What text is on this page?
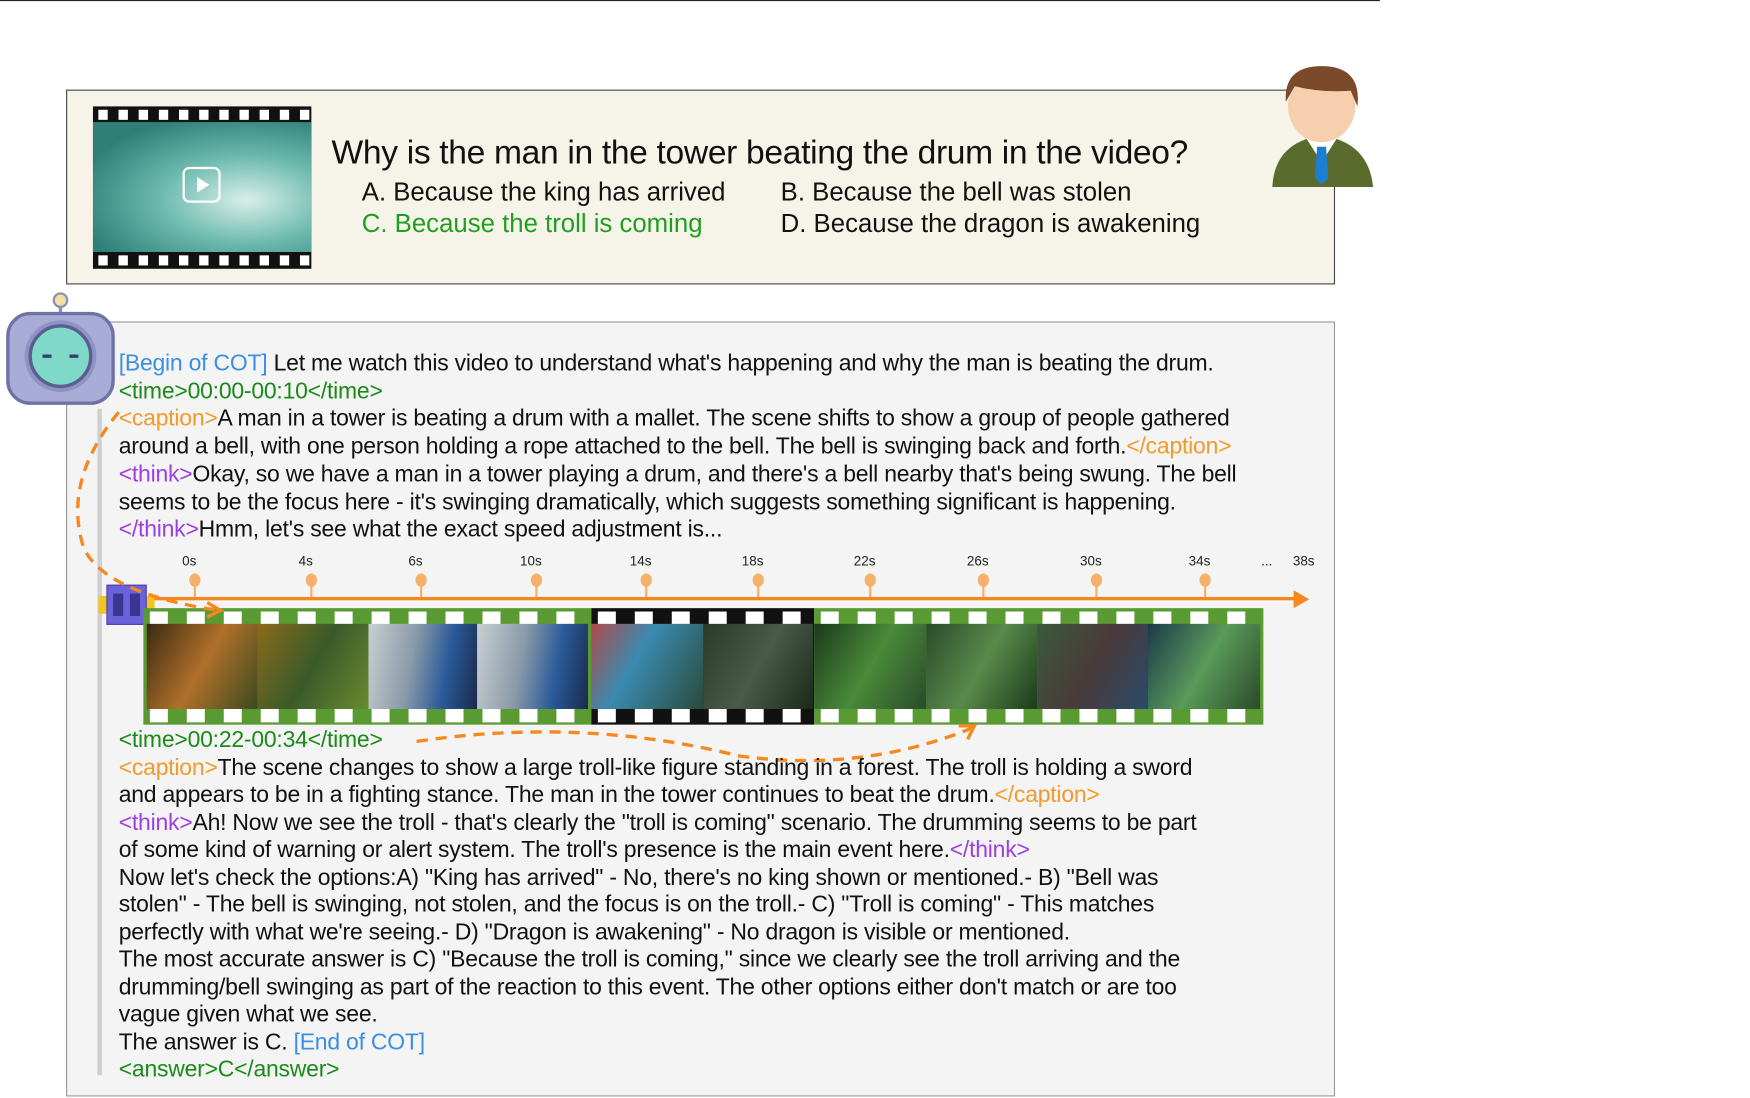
Why is the man in the tower beating the drum in the video?
A. Because the king has arrived B. Because the bell was stolen
C. Because the troll is coming	D. Because the dragon is awakening
[Begin of COT] Let me watch this video to understand what's happening and why the man is beating the drum.
<time>00:00-00:10</time>
<caption>A man in a tower is beating a drum with a mallet. The scene shifts to show a group of people gathered
around a bell, with one person holding a rope attached to the bell. The bell is swinging back and forth.</caption>
<think>Okay, so we have a man in a tower playing a drum, and there's a bell nearby that's being swung. The bell
seems to be the focus here - it's swinging dramatically, which suggests something significant is happening.
</think>Hmm, let's see what the exact speed adjustment is...
0s	4s	6s	10s	14s	18s	22s	26s	30s	34s	... 38s
<time>00:22-00:34</time>
<caption>The scene changes to show a large troll-like figure standing in a forest. The troll is holding a sword
and appears to be in a fighting stance. The man in the tower continues to beat the drum.</caption>
<think>Ah! Now we see the troll - that's clearly the "troll is coming" scenario. The drumming seems to be part
of some kind of warning or alert system. The troll's presence is the main event here.</think>
Now let's check the options:A) "King has arrived" - No, there's no king shown or mentioned.- B) "Bell was
stolen" - The bell is swinging, not stolen, and the focus is on the troll.- C) "Troll is coming" - This matches
perfectly with what we're seeing.- D) "Dragon is awakening" - No dragon is visible or mentioned.
The most accurate answer is C) "Because the troll is coming," since we clearly see the troll arriving and the
drumming/bell swinging as part of the reaction to this event. The other options either don't match or are too
vague given what we see.
The answer is C. [End of COT]
<answer>C</answer>
